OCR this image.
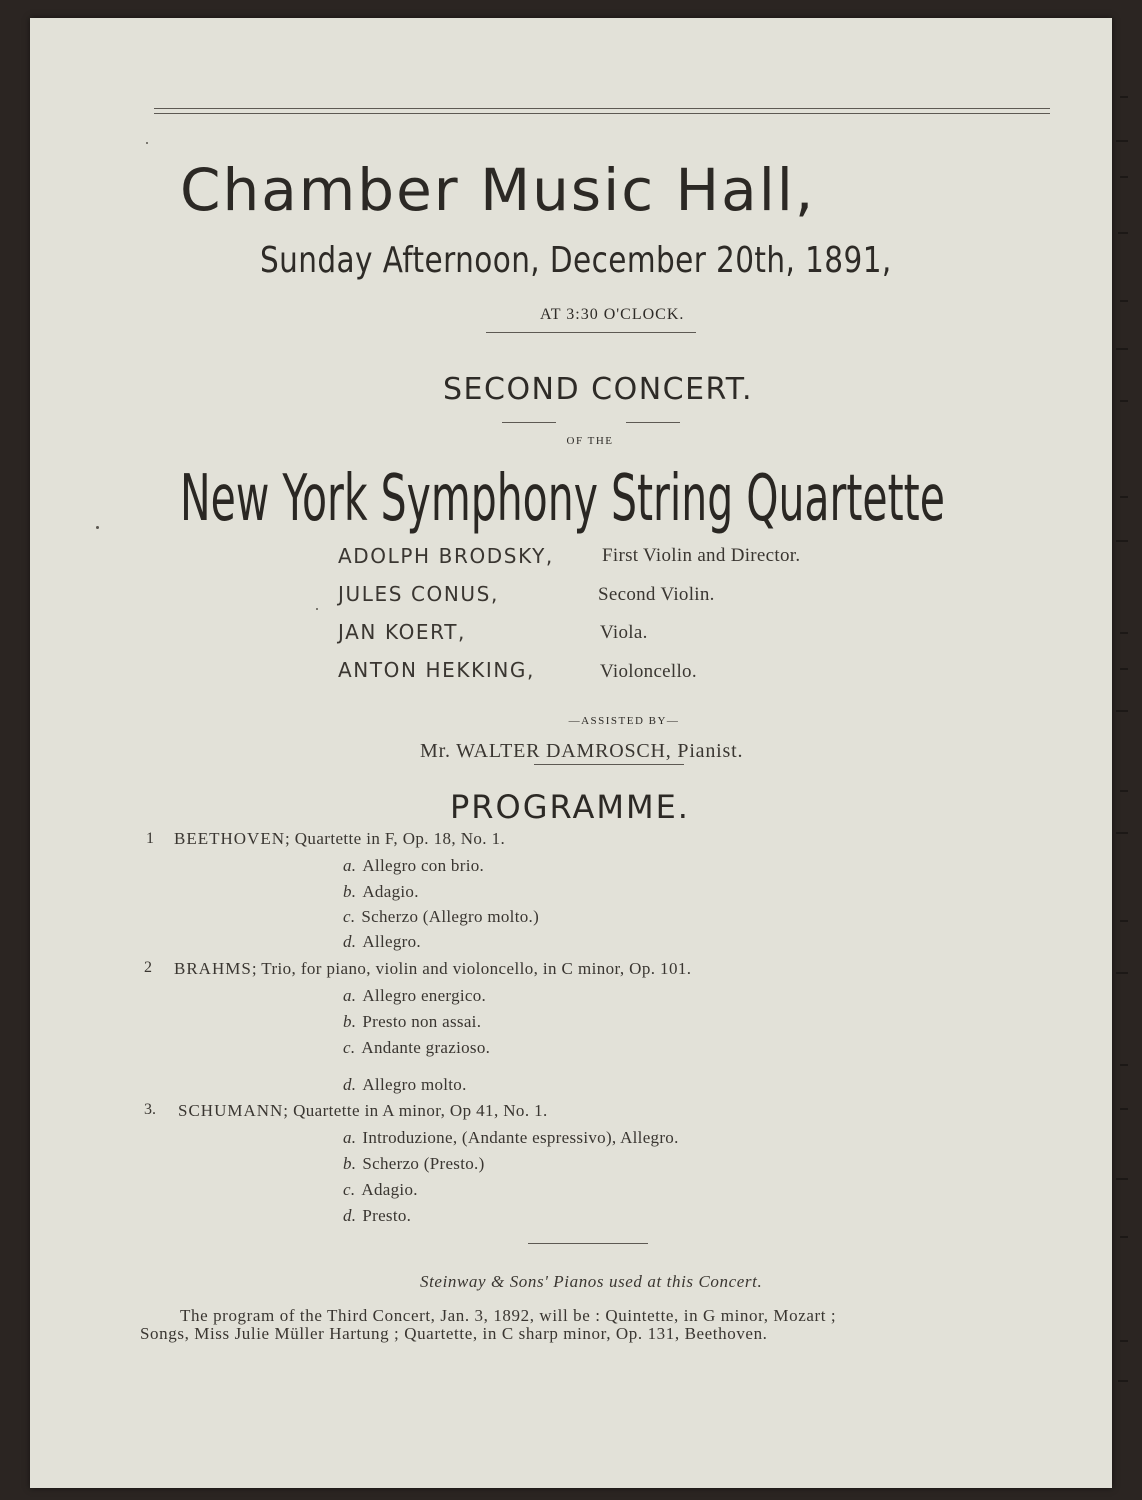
Chamber Music Hall,
Sunday Afternoon, December 20th, 1891,
AT 3:30 O'CLOCK.
SECOND CONCERT.
OF THE
New York Symphony String Quartette
ADOLPH BRODSKY,	First Violin and Director.
JULES CONUS,	Second Violin.
JAN KOERT,	Viola.
ANTON HEKKING,	Violoncello.
—ASSISTED BY—
Mr. WALTER DAMROSCH, Pianist.
PROGRAMME.
1 BEETHOVEN; Quartette in F, Op. 18, No. 1.
a. Allegro con brio.
b. Adagio.
c. Scherzo (Allegro molto.)
d. Allegro.
2 BRAHMS; Trio, for piano, violin and violoncello, in C minor, Op. 101.
a. Allegro energico.
b. Presto non assai.
c. Andante grazioso.
d. Allegro molto.
3. SCHUMANN; Quartette in A minor, Op 41, No. 1.
a. Introduzione, (Andante espressivo), Allegro.
b. Scherzo (Presto.)
c. Adagio.
d. Presto.
Steinway & Sons' Pianos used at this Concert.
The program of the Third Concert, Jan. 3, 1892, will be : Quintette, in G minor, Mozart ;
Songs, Miss Julie Müller Hartung ; Quartette, in C sharp minor, Op. 131, Beethoven.
